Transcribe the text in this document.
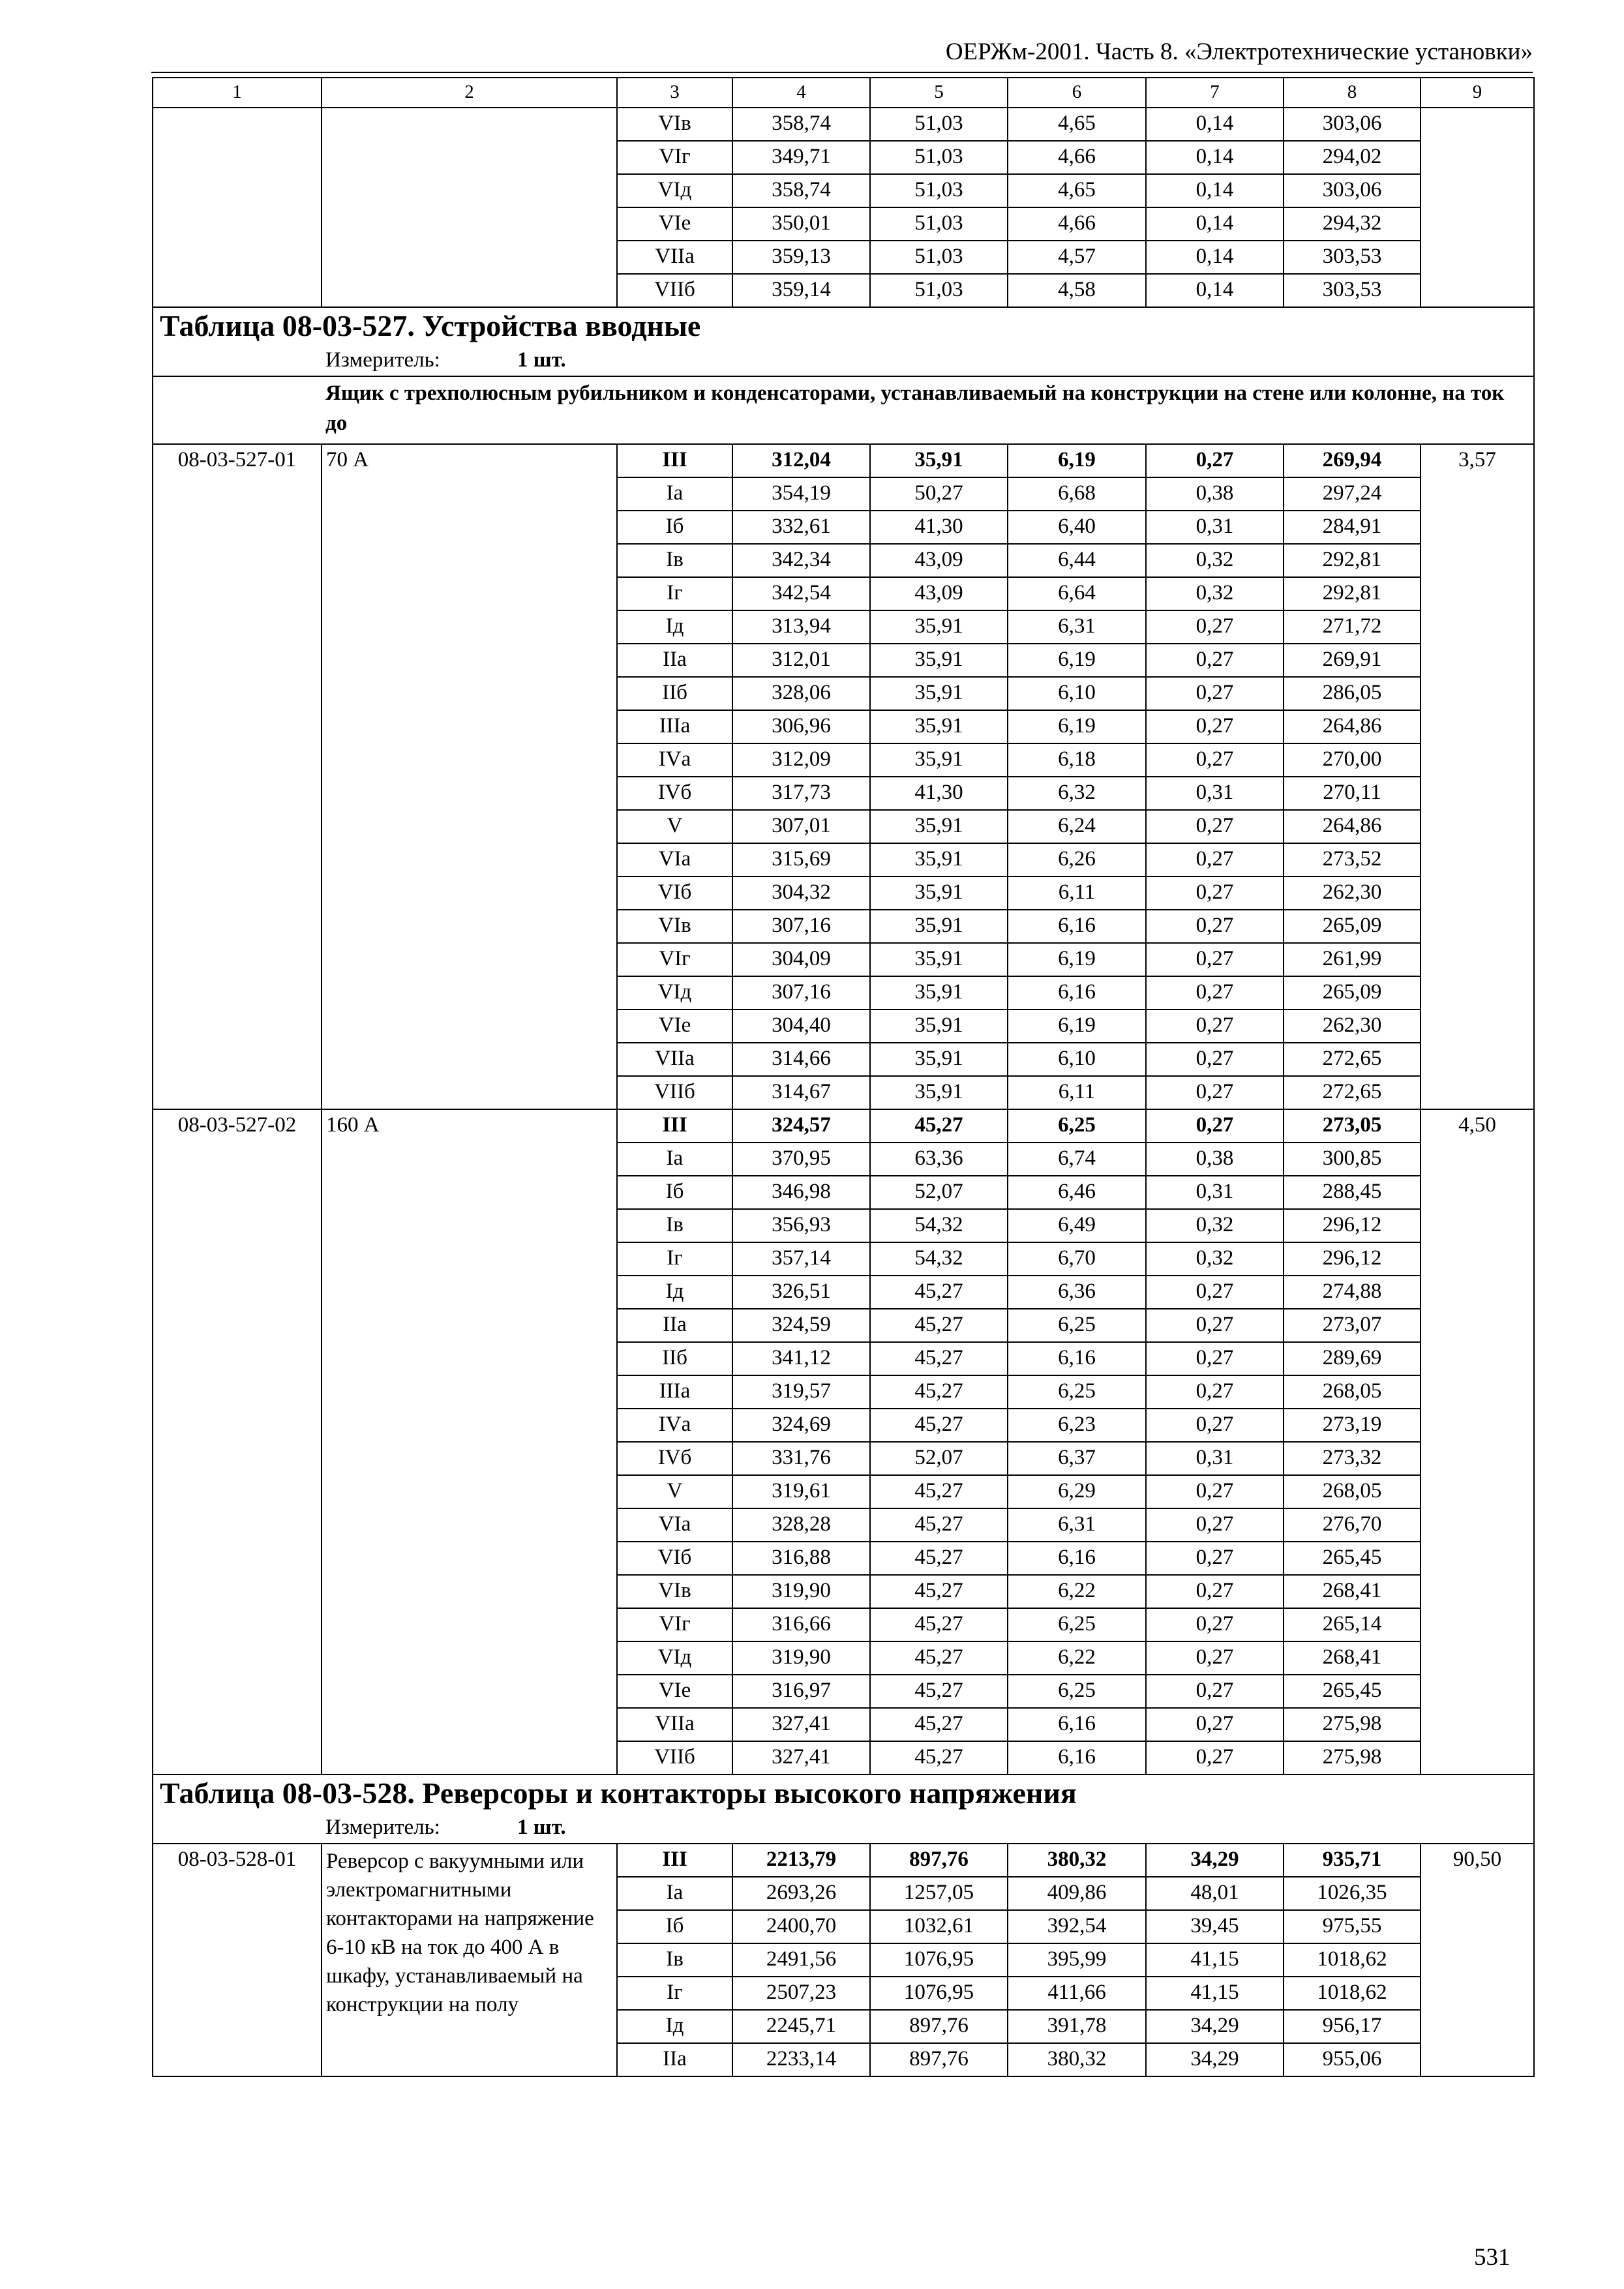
ОЕРЖм-2001. Часть 8. «Электротехнические установки»
1	2	3	4	5	6	7	8	9
		VIв	358,74	51,03	4,65	0,14	303,06	
		VIг	349,71	51,03	4,66	0,14	294,02	
		VIд	358,74	51,03	4,65	0,14	303,06	
		VIе	350,01	51,03	4,66	0,14	294,32	
		VIIа	359,13	51,03	4,57	0,14	303,53	
		VIIб	359,14	51,03	4,58	0,14	303,53	
Таблица 08-03-527. Устройства вводные								
	Измеритель: 1 шт.							
	Ящик с трехполюсным рубильником и конденсаторами, устанавливаемый на конструкции на стене или колонне, на ток до							
08-03-527-01	70 А	III	312,04	35,91	6,19	0,27	269,94	3,57
		Iа	354,19	50,27	6,68	0,38	297,24	
		Iб	332,61	41,30	6,40	0,31	284,91	
		Iв	342,34	43,09	6,44	0,32	292,81	
		Iг	342,54	43,09	6,64	0,32	292,81	
		Iд	313,94	35,91	6,31	0,27	271,72	
		IIа	312,01	35,91	6,19	0,27	269,91	
		IIб	328,06	35,91	6,10	0,27	286,05	
		IIIа	306,96	35,91	6,19	0,27	264,86	
		IVа	312,09	35,91	6,18	0,27	270,00	
		IVб	317,73	41,30	6,32	0,31	270,11	
		V	307,01	35,91	6,24	0,27	264,86	
		VIа	315,69	35,91	6,26	0,27	273,52	
		VIб	304,32	35,91	6,11	0,27	262,30	
		VIв	307,16	35,91	6,16	0,27	265,09	
		VIг	304,09	35,91	6,19	0,27	261,99	
		VIд	307,16	35,91	6,16	0,27	265,09	
		VIе	304,40	35,91	6,19	0,27	262,30	
		VIIа	314,66	35,91	6,10	0,27	272,65	
		VIIб	314,67	35,91	6,11	0,27	272,65	
08-03-527-02	160 А	III	324,57	45,27	6,25	0,27	273,05	4,50
		Iа	370,95	63,36	6,74	0,38	300,85	
		Iб	346,98	52,07	6,46	0,31	288,45	
		Iв	356,93	54,32	6,49	0,32	296,12	
		Iг	357,14	54,32	6,70	0,32	296,12	
		Iд	326,51	45,27	6,36	0,27	274,88	
		IIа	324,59	45,27	6,25	0,27	273,07	
		IIб	341,12	45,27	6,16	0,27	289,69	
		IIIа	319,57	45,27	6,25	0,27	268,05	
		IVа	324,69	45,27	6,23	0,27	273,19	
		IVб	331,76	52,07	6,37	0,31	273,32	
		V	319,61	45,27	6,29	0,27	268,05	
		VIа	328,28	45,27	6,31	0,27	276,70	
		VIб	316,88	45,27	6,16	0,27	265,45	
		VIв	319,90	45,27	6,22	0,27	268,41	
		VIг	316,66	45,27	6,25	0,27	265,14	
		VIд	319,90	45,27	6,22	0,27	268,41	
		VIе	316,97	45,27	6,25	0,27	265,45	
		VIIа	327,41	45,27	6,16	0,27	275,98	
		VIIб	327,41	45,27	6,16	0,27	275,98	
Таблица 08-03-528. Реверсоры и контакторы высокого напряжения								
	Измеритель: 1 шт.							
08-03-528-01	Реверсор с вакуумными или электромагнитными контакторами на напряжение 6-10 кВ на ток до 400 А в шкафу, устанавливаемый на конструкции на полу	III	2213,79	897,76	380,32	34,29	935,71	90,50
		Iа	2693,26	1257,05	409,86	48,01	1026,35	
		Iб	2400,70	1032,61	392,54	39,45	975,55	
		Iв	2491,56	1076,95	395,99	41,15	1018,62	
		Iг	2507,23	1076,95	411,66	41,15	1018,62	
		Iд	2245,71	897,76	391,78	34,29	956,17	
		IIа	2233,14	897,76	380,32	34,29	955,06	
531
